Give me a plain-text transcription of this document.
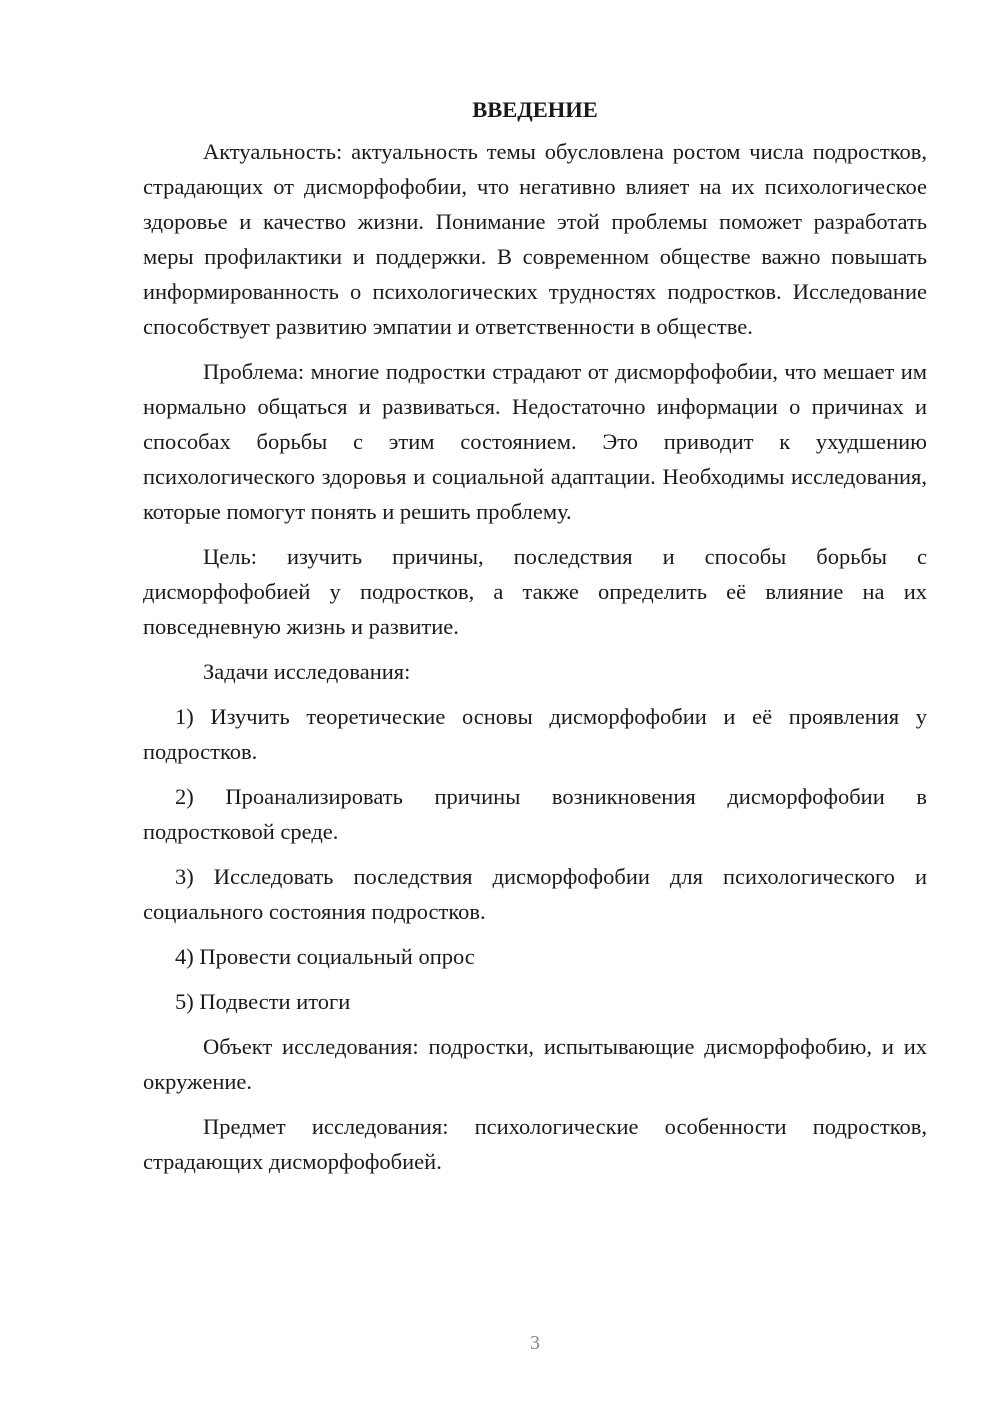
ВВЕДЕНИЕ

Актуальность: актуальность темы обусловлена ростом числа подростков, страдающих от дисморфофобии, что негативно влияет на их психологическое здоровье и качество жизни. Понимание этой проблемы поможет разработать меры профилактики и поддержки. В современном обществе важно повышать информированность о психологических трудностях подростков. Исследование способствует развитию эмпатии и ответственности в обществе.

Проблема: многие подростки страдают от дисморфофобии, что мешает им нормально общаться и развиваться. Недостаточно информации о причинах и способах борьбы с этим состоянием. Это приводит к ухудшению психологического здоровья и социальной адаптации. Необходимы исследования, которые помогут понять и решить проблему.

Цель: изучить причины, последствия и способы борьбы с дисморфофобией у подростков, а также определить её влияние на их повседневную жизнь и развитие.

Задачи исследования:

1) Изучить теоретические основы дисморфофобии и её проявления у подростков.

2) Проанализировать причины возникновения дисморфофобии в подростковой среде.

3) Исследовать последствия дисморфофобии для психологического и социального состояния подростков.

4) Провести социальный опрос

5) Подвести итоги

Объект исследования: подростки, испытывающие дисморфофобию, и их окружение.

Предмет исследования: психологические особенности подростков, страдающих дисморфофобией.

3
